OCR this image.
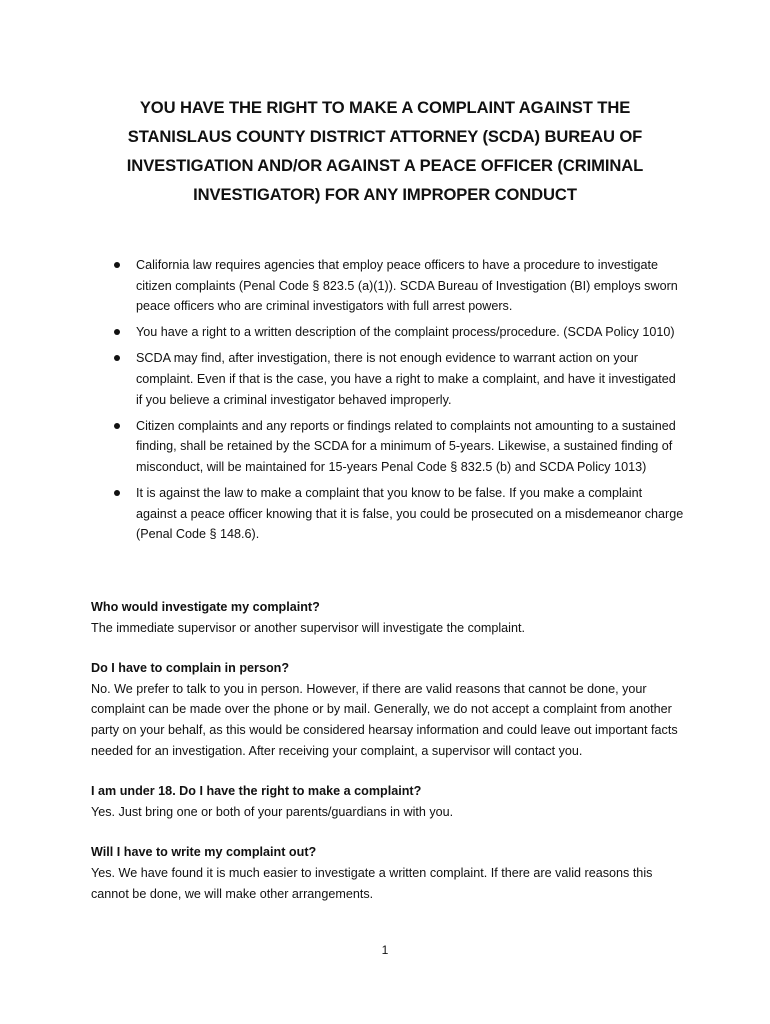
YOU HAVE THE RIGHT TO MAKE A COMPLAINT AGAINST THE STANISLAUS COUNTY DISTRICT ATTORNEY (SCDA) BUREAU OF INVESTIGATION AND/OR AGAINST A PEACE OFFICER (CRIMINAL INVESTIGATOR) FOR ANY IMPROPER CONDUCT
California law requires agencies that employ peace officers to have a procedure to investigate citizen complaints (Penal Code § 823.5 (a)(1)). SCDA Bureau of Investigation (BI) employs sworn peace officers who are criminal investigators with full arrest powers.
You have a right to a written description of the complaint process/procedure. (SCDA Policy 1010)
SCDA may find, after investigation, there is not enough evidence to warrant action on your complaint. Even if that is the case, you have a right to make a complaint, and have it investigated if you believe a criminal investigator behaved improperly.
Citizen complaints and any reports or findings related to complaints not amounting to a sustained finding, shall be retained by the SCDA for a minimum of 5-years. Likewise, a sustained finding of misconduct, will be maintained for 15-years Penal Code § 832.5 (b) and SCDA Policy 1013)
It is against the law to make a complaint that you know to be false. If you make a complaint against a peace officer knowing that it is false, you could be prosecuted on a misdemeanor charge (Penal Code § 148.6).
Who would investigate my complaint?
The immediate supervisor or another supervisor will investigate the complaint.
Do I have to complain in person?
No. We prefer to talk to you in person. However, if there are valid reasons that cannot be done, your complaint can be made over the phone or by mail. Generally, we do not accept a complaint from another party on your behalf, as this would be considered hearsay information and could leave out important facts needed for an investigation. After receiving your complaint, a supervisor will contact you.
I am under 18. Do I have the right to make a complaint?
Yes. Just bring one or both of your parents/guardians in with you.
Will I have to write my complaint out?
Yes. We have found it is much easier to investigate a written complaint. If there are valid reasons this cannot be done, we will make other arrangements.
1
